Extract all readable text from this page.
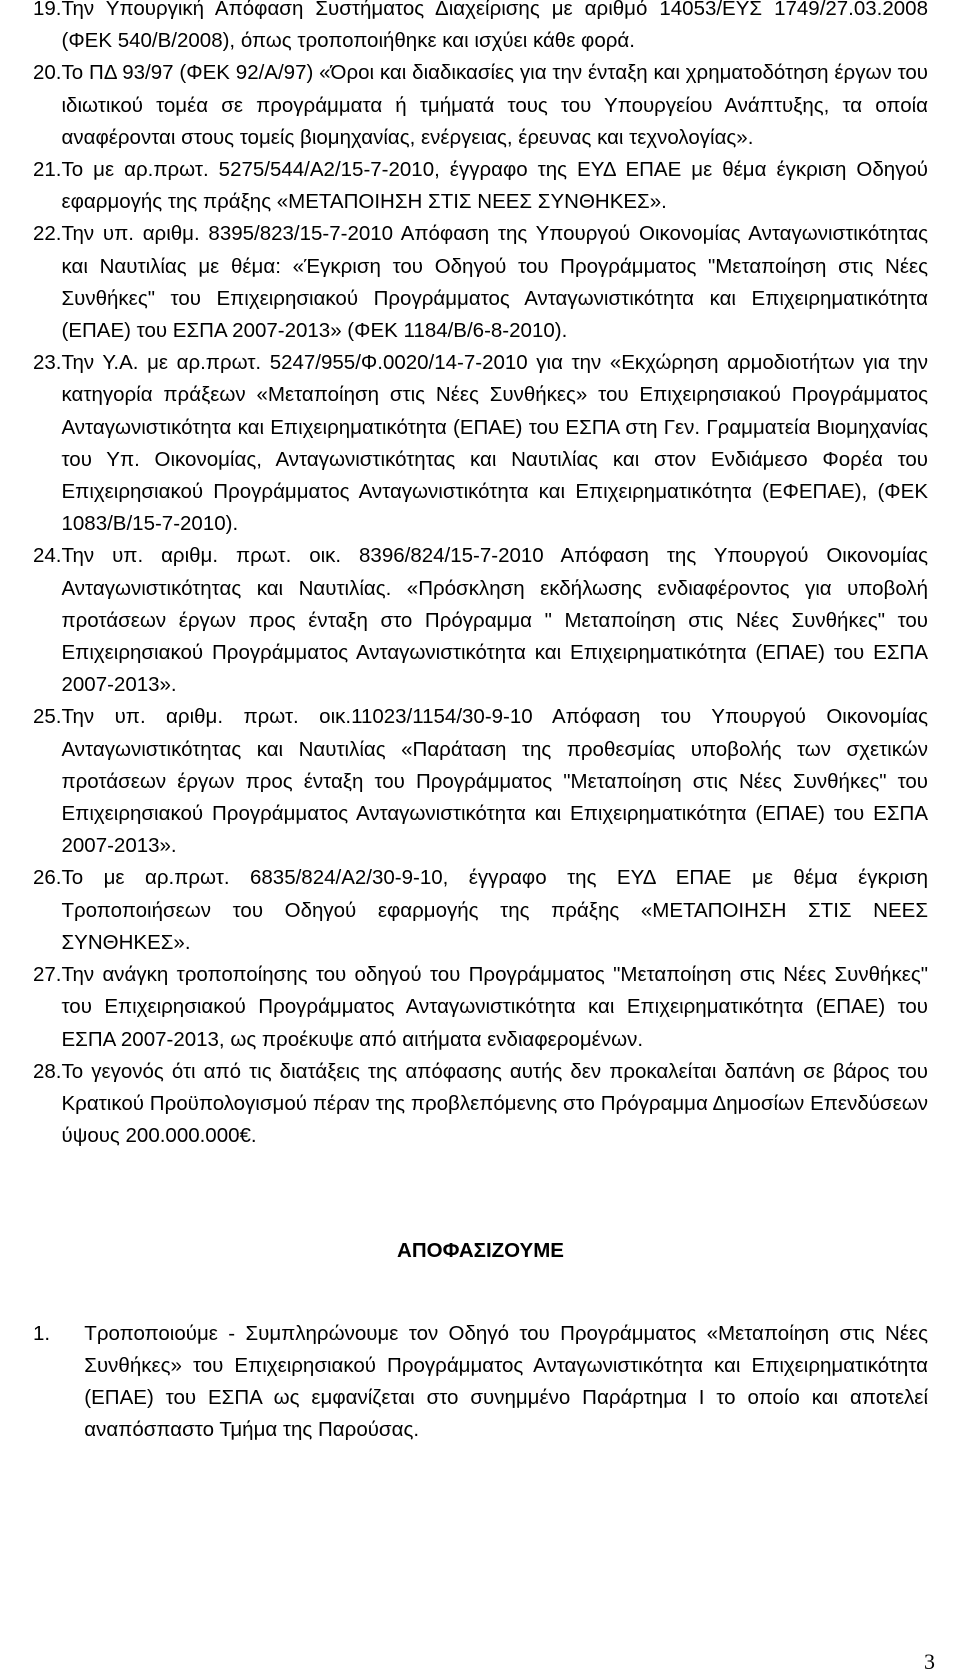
19. Την Υπουργική Απόφαση Συστήματος Διαχείρισης με αριθμό 14053/ΕΥΣ 1749/27.03.2008 (ΦΕΚ 540/Β/2008), όπως τροποποιήθηκε και ισχύει κάθε φορά.
20. Το ΠΔ 93/97 (ΦΕΚ 92/Α/97) «Όροι και διαδικασίες για την ένταξη και χρηματοδότηση έργων του ιδιωτικού τομέα σε προγράμματα ή τμήματά τους του Υπουργείου Ανάπτυξης, τα οποία αναφέρονται στους τομείς βιομηχανίας, ενέργειας, έρευνας και τεχνολογίας».
21. Το με αρ.πρωτ. 5275/544/Α2/15-7-2010, έγγραφο της ΕΥΔ ΕΠΑΕ με θέμα έγκριση Οδηγού εφαρμογής της πράξης «ΜΕΤΑΠΟΙΗΣΗ ΣΤΙΣ ΝΕΕΣ ΣΥΝΘΗΚΕΣ».
22. Την υπ. αριθμ. 8395/823/15-7-2010 Απόφαση της Υπουργού Οικονομίας Ανταγωνιστικότητας και Ναυτιλίας με θέμα: «Έγκριση του Οδηγού του Προγράμματος "Μεταποίηση στις Νέες Συνθήκες" του Επιχειρησιακού Προγράμματος Ανταγωνιστικότητα και Επιχειρηματικότητα (ΕΠΑΕ) του ΕΣΠΑ 2007-2013» (ΦΕΚ 1184/Β/6-8-2010).
23. Την Υ.Α. με αρ.πρωτ. 5247/955/Φ.0020/14-7-2010 για την «Εκχώρηση αρμοδιοτήτων για την κατηγορία πράξεων «Μεταποίηση στις Νέες Συνθήκες» του Επιχειρησιακού Προγράμματος Ανταγωνιστικότητα και Επιχειρηματικότητα (ΕΠΑΕ) του ΕΣΠΑ στη Γεν. Γραμματεία Βιομηχανίας του Υπ. Οικονομίας, Ανταγωνιστικότητας και Ναυτιλίας και στον Ενδιάμεσο Φορέα του Επιχειρησιακού Προγράμματος Ανταγωνιστικότητα και Επιχειρηματικότητα (ΕΦΕΠΑΕ), (ΦΕΚ 1083/Β/15-7-2010).
24. Την υπ. αριθμ. πρωτ. οικ. 8396/824/15-7-2010 Απόφαση της Υπουργού Οικονομίας Ανταγωνιστικότητας και Ναυτιλίας. «Πρόσκληση εκδήλωσης ενδιαφέροντος για υποβολή προτάσεων έργων προς ένταξη στο Πρόγραμμα " Μεταποίηση στις Νέες Συνθήκες" του Επιχειρησιακού Προγράμματος Ανταγωνιστικότητα και Επιχειρηματικότητα (ΕΠΑΕ) του ΕΣΠΑ 2007-2013».
25. Την υπ. αριθμ. πρωτ. οικ.11023/1154/30-9-10 Απόφαση του Υπουργού Οικονομίας Ανταγωνιστικότητας και Ναυτιλίας «Παράταση της προθεσμίας υποβολής των σχετικών προτάσεων έργων προς ένταξη του Προγράμματος "Μεταποίηση στις Νέες Συνθήκες" του Επιχειρησιακού Προγράμματος Ανταγωνιστικότητα και Επιχειρηματικότητα (ΕΠΑΕ) του ΕΣΠΑ 2007-2013».
26. Το με αρ.πρωτ. 6835/824/Α2/30-9-10, έγγραφο της ΕΥΔ ΕΠΑΕ με θέμα έγκριση Τροποποιήσεων του Οδηγού εφαρμογής της πράξης «ΜΕΤΑΠΟΙΗΣΗ ΣΤΙΣ ΝΕΕΣ ΣΥΝΘΗΚΕΣ».
27. Την ανάγκη τροποποίησης του οδηγού του Προγράμματος "Μεταποίηση στις Νέες Συνθήκες" του Επιχειρησιακού Προγράμματος Ανταγωνιστικότητα και Επιχειρηματικότητα (ΕΠΑΕ) του ΕΣΠΑ 2007-2013, ως προέκυψε από αιτήματα ενδιαφερομένων.
28. Το γεγονός ότι από τις διατάξεις της απόφασης αυτής δεν προκαλείται δαπάνη σε βάρος του Κρατικού Προϋπολογισμού πέραν της προβλεπόμενης στο Πρόγραμμα Δημοσίων Επενδύσεων ύψους 200.000.000€.

ΑΠΟΦΑΣΙΖΟΥΜΕ

1.	Τροποποιούμε - Συμπληρώνουμε τον Οδηγό του Προγράμματος «Μεταποίηση στις Νέες Συνθήκες» του Επιχειρησιακού Προγράμματος Ανταγωνιστικότητα και Επιχειρηματικότητα (ΕΠΑΕ) του ΕΣΠΑ ως εμφανίζεται στο συνημμένο Παράρτημα Ι το οποίο και αποτελεί αναπόσπαστο Τμήμα της Παρούσας.
3
